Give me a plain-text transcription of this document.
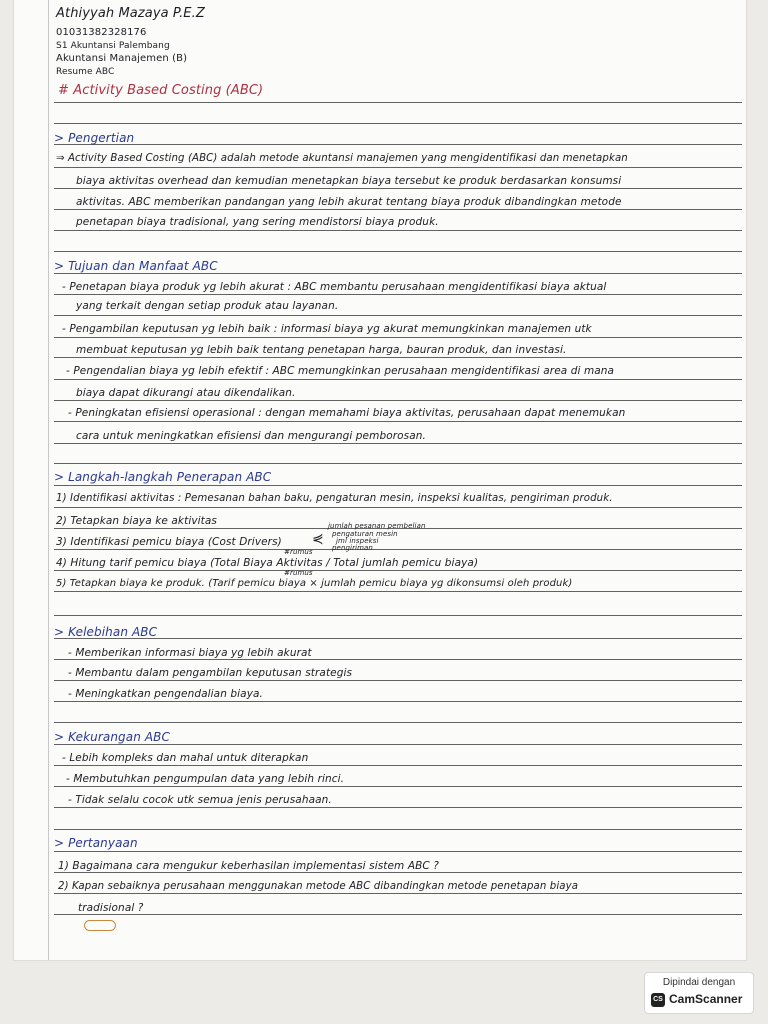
Athiyyah Mazaya P.E.Z
01031382328176
S1 Akuntansi Palembang
Akuntansi Manajemen (B)
Resume ABC
# Activity Based Costing (ABC)
> Pengertian
⇒ Activity Based Costing (ABC) adalah metode akuntansi manajemen yang mengidentifikasi dan menetapkan
biaya aktivitas overhead dan kemudian menetapkan biaya tersebut ke produk berdasarkan konsumsi
aktivitas. ABC memberikan pandangan yang lebih akurat tentang biaya produk dibandingkan metode
penetapan biaya tradisional, yang sering mendistorsi biaya produk.
> Tujuan dan Manfaat ABC
- Penetapan biaya produk yg lebih akurat : ABC membantu perusahaan mengidentifikasi biaya aktual
yang terkait dengan setiap produk atau layanan.
- Pengambilan keputusan yg lebih baik : informasi biaya yg akurat memungkinkan manajemen utk
membuat keputusan yg lebih baik tentang penetapan harga, bauran produk, dan investasi.
- Pengendalian biaya yg lebih efektif : ABC memungkinkan perusahaan mengidentifikasi area di mana
biaya dapat dikurangi atau dikendalikan.
- Peningkatan efisiensi operasional : dengan memahami biaya aktivitas, perusahaan dapat menemukan
cara untuk meningkatkan efisiensi dan mengurangi pemborosan.
> Langkah-langkah Penerapan ABC
1) Identifikasi aktivitas : Pemesanan bahan baku, pengaturan mesin, inspeksi kualitas, pengiriman produk.
2) Tetapkan biaya ke aktivitas
3) Identifikasi pemicu biaya (Cost Drivers) ⋞
jumlah pesanan pembelian
pengaturan mesin
jml inspeksi
pengiriman
#rumus
4) Hitung tarif pemicu biaya (Total Biaya Aktivitas / Total jumlah pemicu biaya)
#rumus
5) Tetapkan biaya ke produk. (Tarif pemicu biaya × jumlah pemicu biaya yg dikonsumsi oleh produk)
> Kelebihan ABC
- Memberikan informasi biaya yg lebih akurat
- Membantu dalam pengambilan keputusan strategis
- Meningkatkan pengendalian biaya.
> Kekurangan ABC
- Lebih kompleks dan mahal untuk diterapkan
- Membutuhkan pengumpulan data yang lebih rinci.
- Tidak selalu cocok utk semua jenis perusahaan.
> Pertanyaan
1) Bagaimana cara mengukur keberhasilan implementasi sistem ABC ?
2) Kapan sebaiknya perusahaan menggunakan metode ABC dibandingkan metode penetapan biaya
tradisional ?
Dipindai dengan
CS CamScanner
